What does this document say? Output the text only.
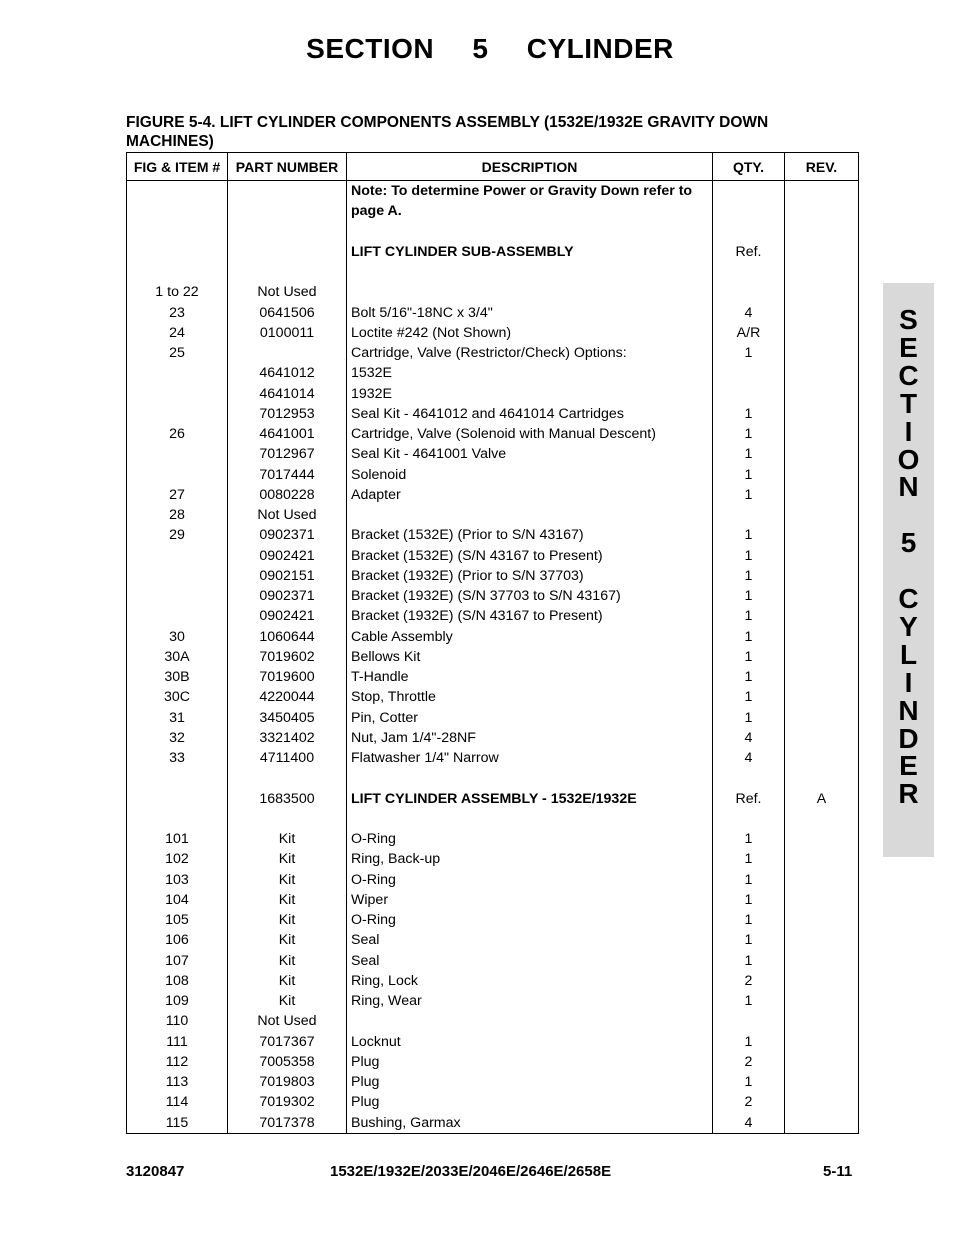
SECTION 5 CYLINDER
FIGURE 5-4. LIFT CYLINDER COMPONENTS ASSEMBLY (1532E/1932E GRAVITY DOWN MACHINES)
FIG & ITEM #	PART NUMBER	DESCRIPTION	QTY.	REV.
		Note: To determine Power or Gravity Down refer to		
		page A.		

		LIFT CYLINDER SUB-ASSEMBLY	Ref.	

1 to 22	Not Used			
23	0641506	Bolt 5/16"-18NC x 3/4"	4	
24	0100011	Loctite #242 (Not Shown)	A/R	
25		Cartridge, Valve (Restrictor/Check) Options:	1	
	4641012	1532E		
	4641014	1932E		
	7012953	Seal Kit - 4641012 and 4641014 Cartridges	1	
26	4641001	Cartridge, Valve (Solenoid with Manual Descent)	1	
	7012967	Seal Kit - 4641001 Valve	1	
	7017444	Solenoid	1	
27	0080228	Adapter	1	
28	Not Used			
29	0902371	Bracket (1532E) (Prior to S/N 43167)	1	
	0902421	Bracket (1532E) (S/N 43167 to Present)	1	
	0902151	Bracket (1932E) (Prior to S/N 37703)	1	
	0902371	Bracket (1932E) (S/N 37703 to S/N 43167)	1	
	0902421	Bracket (1932E) (S/N 43167 to Present)	1	
30	1060644	Cable Assembly	1	
30A	7019602	Bellows Kit	1	
30B	7019600	T-Handle	1	
30C	4220044	Stop, Throttle	1	
31	3450405	Pin, Cotter	1	
32	3321402	Nut, Jam 1/4"-28NF	4	
33	4711400	Flatwasher 1/4" Narrow	4	

	1683500	LIFT CYLINDER ASSEMBLY - 1532E/1932E	Ref.	A

101	Kit	O-Ring	1	
102	Kit	Ring, Back-up	1	
103	Kit	O-Ring	1	
104	Kit	Wiper	1	
105	Kit	O-Ring	1	
106	Kit	Seal	1	
107	Kit	Seal	1	
108	Kit	Ring, Lock	2	
109	Kit	Ring, Wear	1	
110	Not Used			
111	7017367	Locknut	1	
112	7005358	Plug	2	
113	7019803	Plug	1	
114	7019302	Plug	2	
115	7017378	Bushing, Garmax	4	
S
E
C
T
I
O
N
5
C
Y
L
I
N
D
E
R
3120847	1532E/1932E/2033E/2046E/2646E/2658E	5-11
